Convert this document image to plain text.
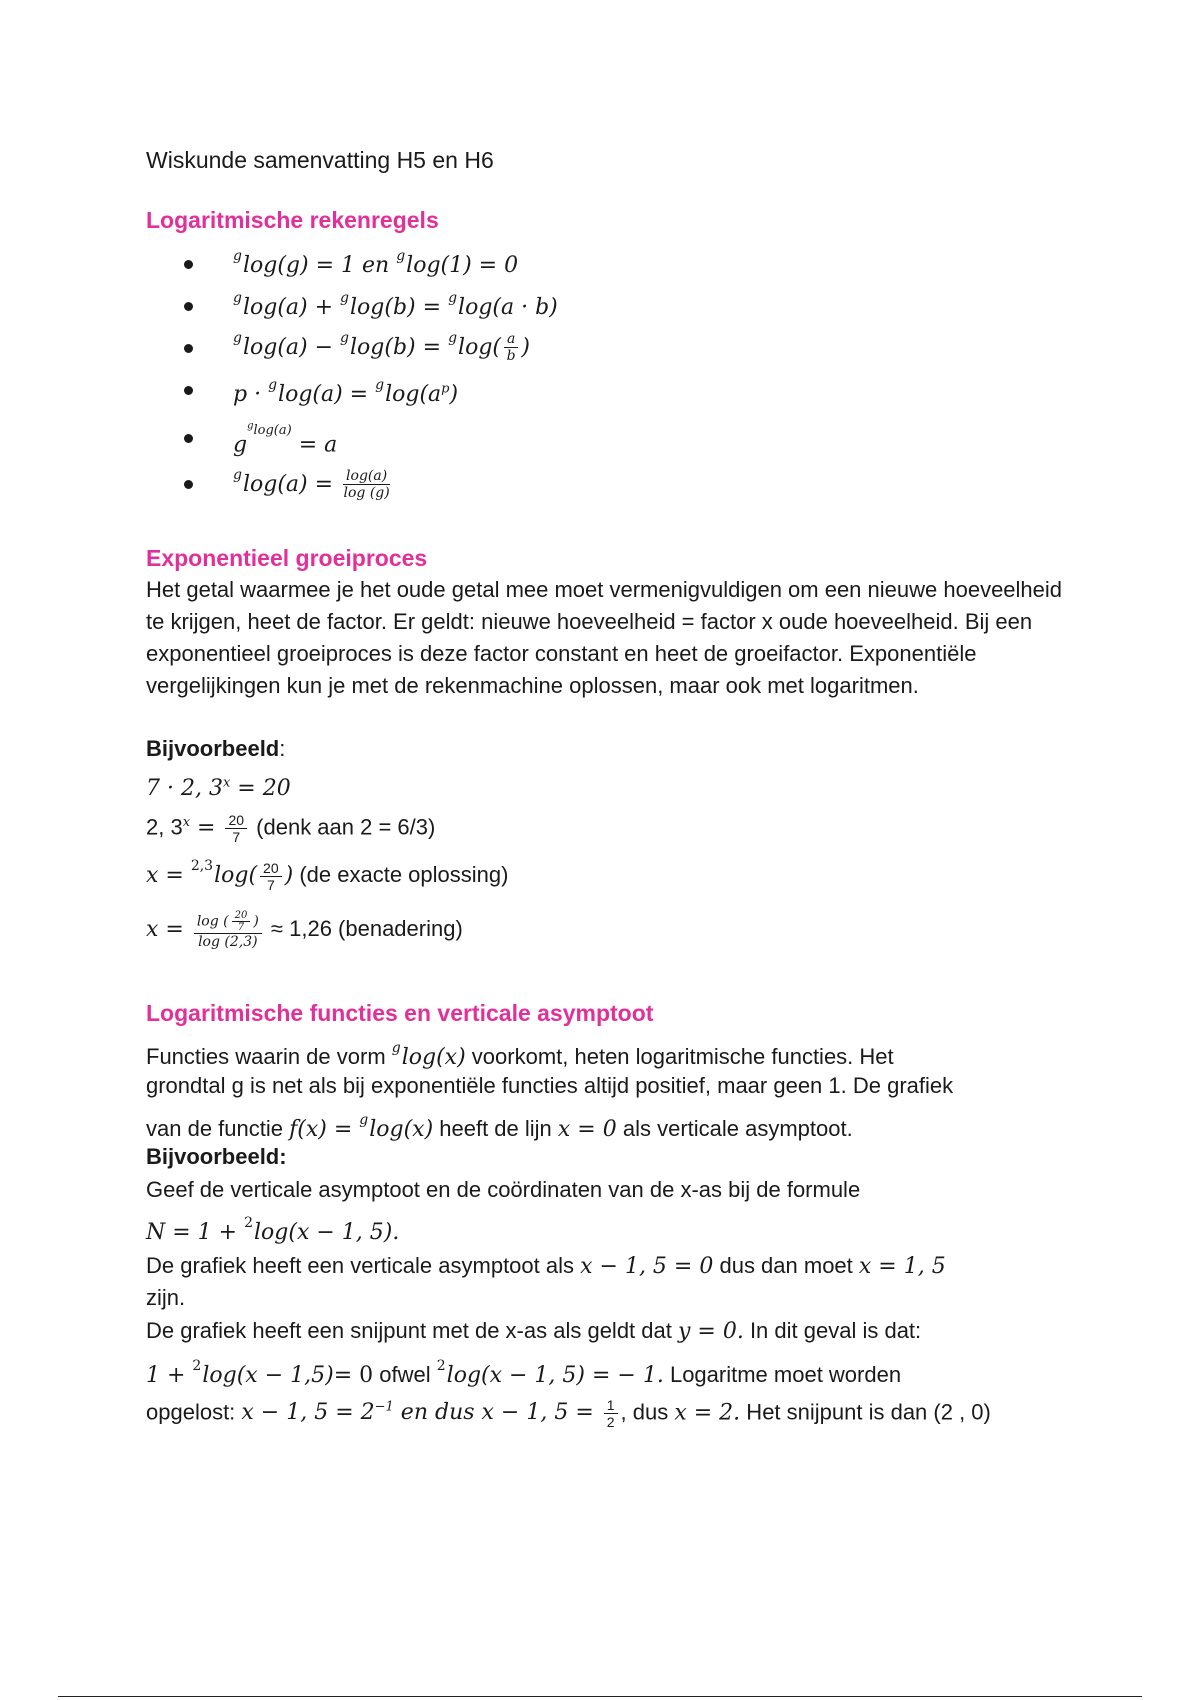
Wiskunde samenvatting H5 en H6
Logaritmische rekenregels
$^g$log(g) = 1 en $^g$log(1) = 0
$^g$log(a) + $^g$log(b) = $^g$log(a · b)
$^g\log(a) - ^g\log(b) = ^g\log( \frac{a}{b}$ )
$p \cdot ^g\log(a) = ^g\log(a^p)$
$g^{^glog(a)} = a$
$^g\log(a) = \frac{\log(a)}{\log (g)}$
Exponentieel groeiproces
Het getal waarmee je het oude getal mee moet vermenigvuldigen om een nieuwe hoeveelheid te krijgen, heet de factor. Er geldt: nieuwe hoeveelheid = factor x oude hoeveelheid. Bij een exponentieel groeiproces is deze factor constant en heet de groeifactor. Exponentiële vergelijkingen kun je met de rekenmachine oplossen, maar ook met logaritmen.
Bijvoorbeeld:
7 · 2, $3^x = 20$
2, $3^x = \frac{20}{7}$ (denk aan 2 = 6/3)
$x = ^{2,3}\log( \frac{20}{7}$ ) (de exacte oplossing)
$x = \frac{\log ( \frac{20}{7} )}{\log (2,3)} \approx 1,26$ (benadering)
Logaritmische functies en verticale asymptoot
Functies waarin de vorm $^g$log(x) voorkomt, heten logaritmische functies. Het
grondtal g is net als bij exponentiële functies altijd positief, maar geen 1. De grafiek
van de functie f(x) = $^g$log(x) heeft de lijn x = 0 als verticale asymptoot.
Bijvoorbeeld:
Geef de verticale asymptoot en de coördinaten van de x-as bij de formule
N = 1 + $^2$log(x − 1, 5).
De grafiek heeft een verticale asymptoot als x − 1, 5 = 0 dus dan moet x = 1, 5
zijn.
De grafiek heeft een snijpunt met de x-as als geldt dat y = 0. In dit geval is dat:
1 + $^2$log(x − 1,5)= 0 ofwel $^2$log(x − 1, 5) = − 1. Logaritme moet worden
opgelost: x − 1, $5 = 2^{-1}$ en dus x − 1, $5 = \frac{1}{2}$ , dus x = 2. Het snijpunt is dan (2 , 0)
